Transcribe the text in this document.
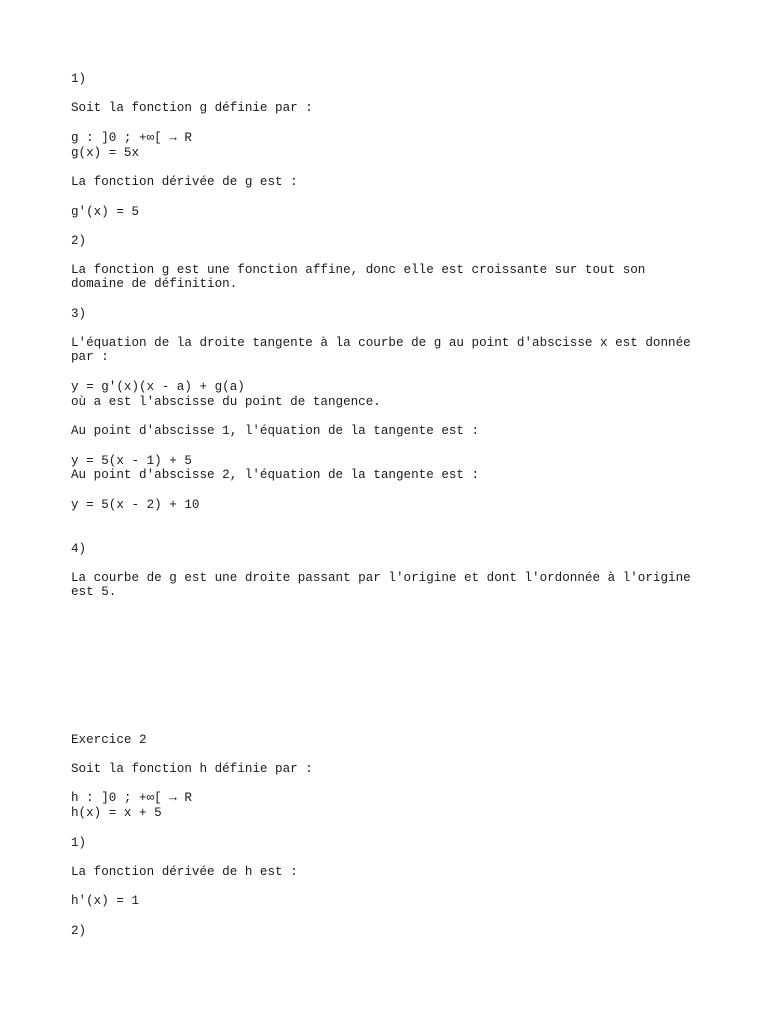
1)

Soit la fonction g définie par :

g : ]0 ; +∞[ → R

g(x) = 5x

La fonction dérivée de g est :

g'(x) = 5

2)

La fonction g est une fonction affine, donc elle est croissante sur tout son

domaine de définition.

3)

L'équation de la droite tangente à la courbe de g au point d'abscisse x est donnée

par :

y = g'(x)(x - a) + g(a)

où a est l'abscisse du point de tangence.

Au point d'abscisse 1, l'équation de la tangente est :

y = 5(x - 1) + 5

Au point d'abscisse 2, l'équation de la tangente est :

y = 5(x - 2) + 10

4)

La courbe de g est une droite passant par l'origine et dont l'ordonnée à l'origine

est 5.

Exercice 2

Soit la fonction h définie par :

h : ]0 ; +∞[ → R

h(x) = x + 5

1)

La fonction dérivée de h est :

h'(x) = 1

2)
